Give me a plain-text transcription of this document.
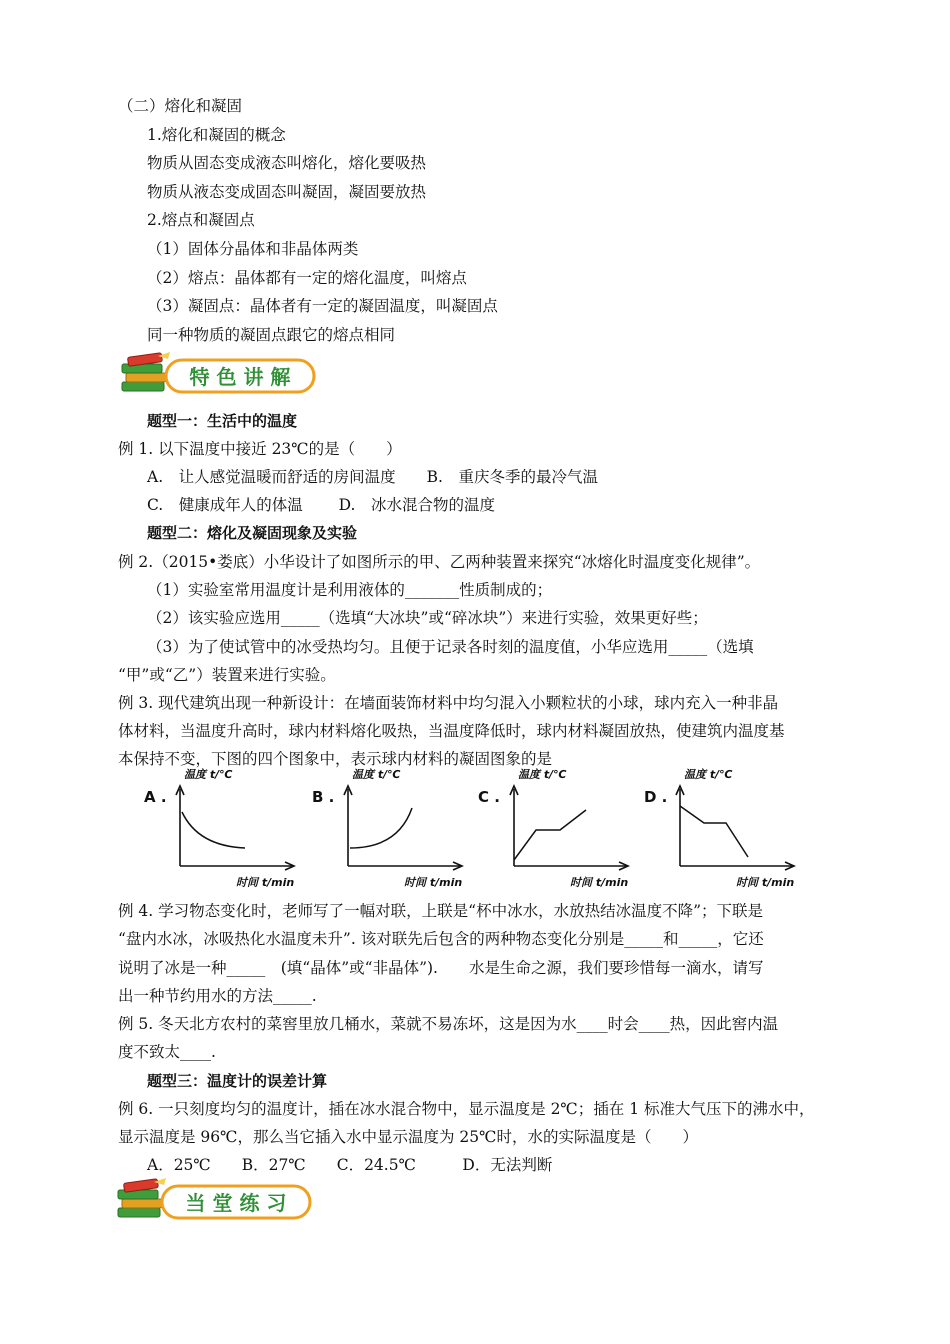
（二）熔化和凝固
1.熔化和凝固的概念
物质从固态变成液态叫熔化，熔化要吸热
物质从液态变成固态叫凝固，凝固要放热
2.熔点和凝固点
（1）固体分晶体和非晶体两类
（2）熔点：晶体都有一定的熔化温度，叫熔点
（3）凝固点：晶体者有一定的凝固温度，叫凝固点
同一种物质的凝固点跟它的熔点相同
特 色 讲 解
题型一：生活中的温度
例 1. 以下温度中接近 23℃的是（　　）
A.　让人感觉温暖而舒适的房间温度　　B.　重庆冬季的最冷气温
C.　健康成年人的体温　　 D.　冰水混合物的温度
题型二：熔化及凝固现象及实验
例 2.（2015•娄底）小华设计了如图所示的甲、乙两种装置来探究“冰熔化时温度变化规律”。
（1）实验室常用温度计是利用液体的_______性质制成的；
（2）该实验应选用_____（选填“大冰块”或“碎冰块”）来进行实验，效果更好些；
（3）为了使试管中的冰受热均匀。且便于记录各时刻的温度值，小华应选用_____（选填
“甲”或“乙”）装置来进行实验。
例 3. 现代建筑出现一种新设计：在墙面装饰材料中均匀混入小颗粒状的小球，球内充入一种非晶
体材料，当温度升高时，球内材料熔化吸热，当温度降低时，球内材料凝固放热，使建筑内温度基
本保持不变，下图的四个图象中，表示球内材料的凝固图象的是
A .
温度 t/℃
时间 t/min
B .
温度 t/℃
时间 t/min
C .
温度 t/℃
时间 t/min
D .
温度 t/℃
时间 t/min
例 4. 学习物态变化时，老师写了一幅对联，上联是“杯中冰水，水放热结冰温度不降”；下联是
“盘内水冰，冰吸热化水温度未升”. 该对联先后包含的两种物态变化分别是_____和_____，它还
说明了冰是一种_____　(填“晶体”或“非晶体”).　　水是生命之源，我们要珍惜每一滴水，请写
出一种节约用水的方法_____.
例 5. 冬天北方农村的菜窖里放几桶水，菜就不易冻坏，这是因为水____时会____热，因此窖内温
度不致太____.
题型三：温度计的误差计算
例 6. 一只刻度均匀的温度计，插在冰水混合物中，显示温度是 2℃；插在 1 标准大气压下的沸水中，
显示温度是 96℃，那么当它插入水中显示温度为 25℃时，水的实际温度是（　　）
A．25℃　　B．27℃　　C．24.5℃　　　D．无法判断
当 堂 练 习
